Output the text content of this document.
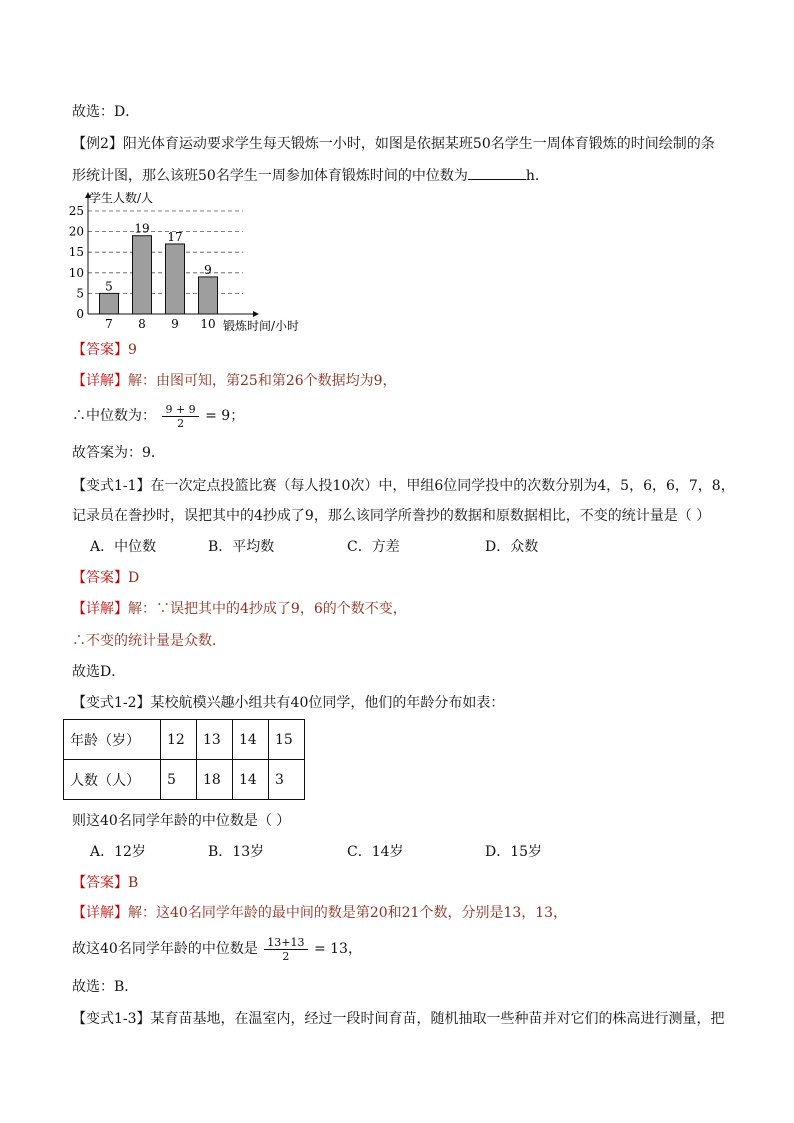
故选：D．
【例2】阳光体育运动要求学生每天锻炼一小时，如图是依据某班50名学生一周体育锻炼的时间绘制的条
形统计图，那么该班50名学生一周参加体育锻炼时间的中位数为	h．
5
19
17
9
0
5
10
15
20
25
7 8 9 10
学生人数/人
锻炼时间/小时
【答案】9
【详解】解：由图可知，第25和第26个数据均为9，
∴中位数为： $\frac{9 + 9}{2} = 9$；
故答案为：9．
【变式1-1】在一次定点投篮比赛（每人投10次）中，甲组6位同学投中的次数分别为4，5，6，6，7，8，
记录员在誊抄时，误把其中的4抄成了9，那么该同学所誊抄的数据和原数据相比，不变的统计量是（ ）
A．中位数	B．平均数	C．方差	D．众数
【答案】D
【详解】解：∵误把其中的4抄成了9，6的个数不变，
∴不变的统计量是众数．
故选D．
【变式1-2】某校航模兴趣小组共有40位同学，他们的年龄分布如表：
年龄（岁）	12	13	14	15
人数（人）	5	18	14	3
则这40名同学年龄的中位数是（ ）
A．12岁	B．13岁	C．14岁	D．15岁
【答案】B
【详解】解：这40名同学年龄的最中间的数是第20和21个数，分别是13，13，
故这40名同学年龄的中位数是 $\frac{13+13}{2} = 13$，
故选：B．
【变式1-3】某育苗基地，在温室内，经过一段时间育苗，随机抽取一些种苗并对它们的株高进行测量，把
